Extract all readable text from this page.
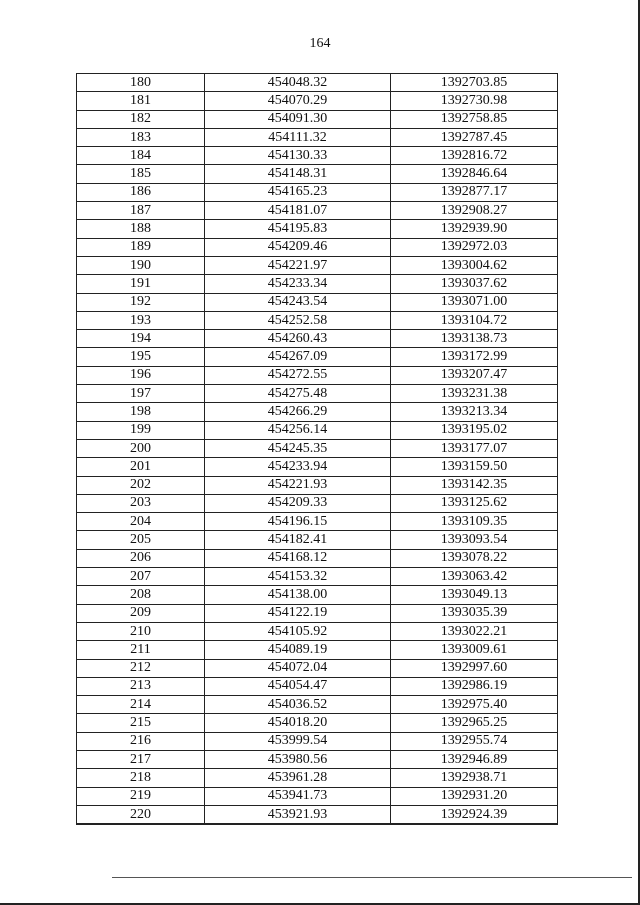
164
180	454048.32	1392703.85
181	454070.29	1392730.98
182	454091.30	1392758.85
183	454111.32	1392787.45
184	454130.33	1392816.72
185	454148.31	1392846.64
186	454165.23	1392877.17
187	454181.07	1392908.27
188	454195.83	1392939.90
189	454209.46	1392972.03
190	454221.97	1393004.62
191	454233.34	1393037.62
192	454243.54	1393071.00
193	454252.58	1393104.72
194	454260.43	1393138.73
195	454267.09	1393172.99
196	454272.55	1393207.47
197	454275.48	1393231.38
198	454266.29	1393213.34
199	454256.14	1393195.02
200	454245.35	1393177.07
201	454233.94	1393159.50
202	454221.93	1393142.35
203	454209.33	1393125.62
204	454196.15	1393109.35
205	454182.41	1393093.54
206	454168.12	1393078.22
207	454153.32	1393063.42
208	454138.00	1393049.13
209	454122.19	1393035.39
210	454105.92	1393022.21
211	454089.19	1393009.61
212	454072.04	1392997.60
213	454054.47	1392986.19
214	454036.52	1392975.40
215	454018.20	1392965.25
216	453999.54	1392955.74
217	453980.56	1392946.89
218	453961.28	1392938.71
219	453941.73	1392931.20
220	453921.93	1392924.39
